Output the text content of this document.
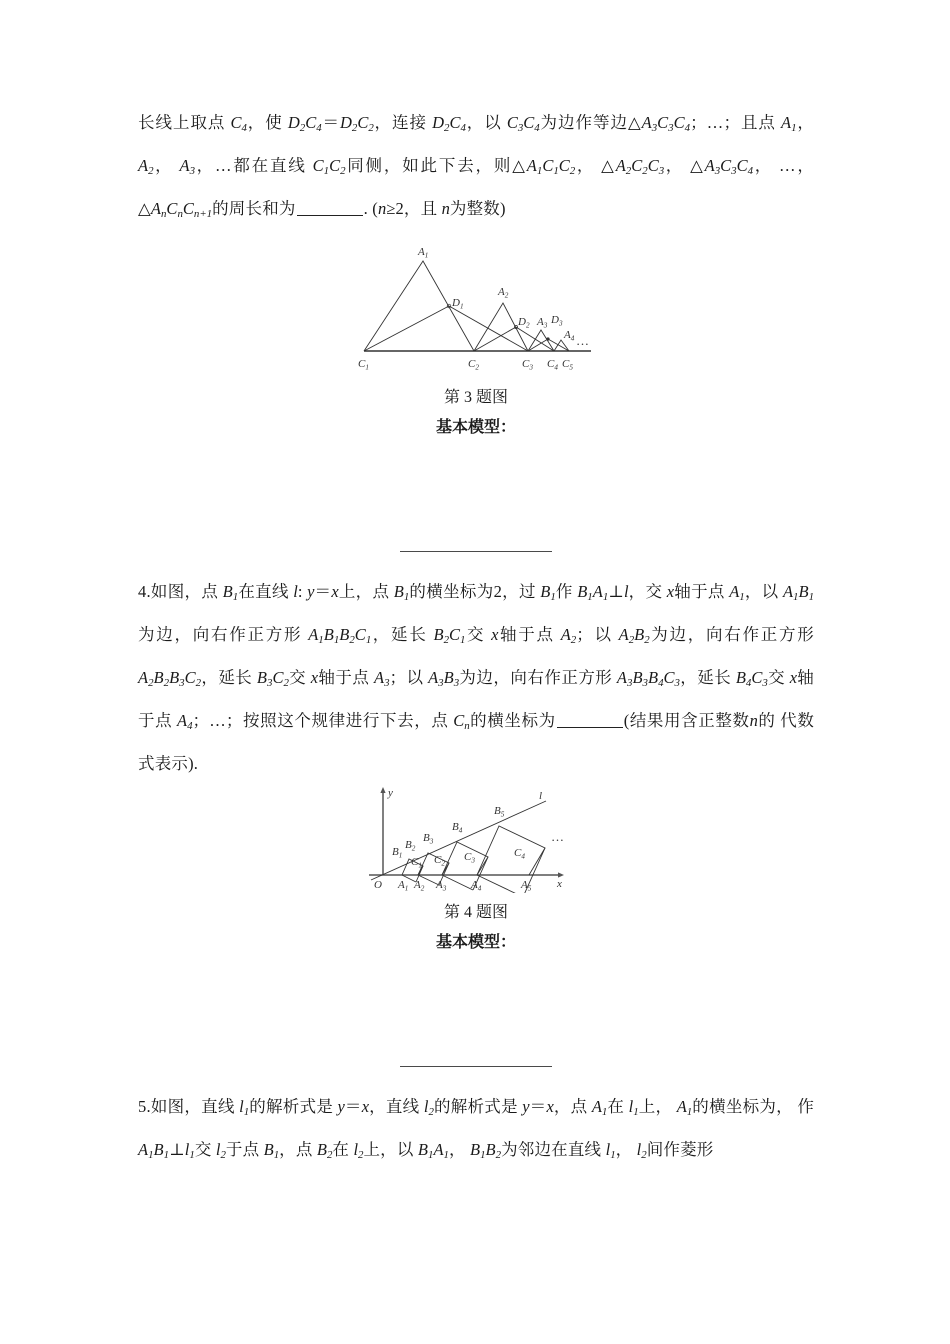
长线上取点 $C_4$，使 $D_2C_4=D_2C_2$，连接 $D_2C_4$，以 $C_3C_4$为边作等边$\triangle A_3C_3C_4$；…；且点 $A_1$， $A_2$， $A_3$，…都在直线 $C_1C_2$同侧，如此下去，则$\triangle A_1C_1C_2$， $\triangle A_2C_2C_3$， $\triangle A_3C_3C_4$， …，$\triangle A_nC_nC_{n+1}$的周长和为	. (n≥2，且 n为整数)

…
$A_1$
$D_1$
$A_2$
$D_2$ $A_3$ $D_3$
$A_4$
$C_1$	$C_2$	$C_3$ $C_4$ $C_5$
第 3 题图
基本模型：

4.如图，点 $B_1$在直线 l: y＝x上，点 $B_1$的横坐标为2，过 $B_1$作 $B_1A_1\perp l$，交 x轴于点 $A_1$，以 $A_1B_1$为边，向右作正方形 $A_1B_1B_2C_1$，延长 $B_2C_1$交 x轴于点 $A_2$；以 $A_2B_2$为边，向右作正方形 $A_2B_2B_3C_2$，延长 $B_3C_2$交 x轴于点 $A_3$；以 $A_3B_3$为边，向右作正方形 $A_3B_3B_4C_3$，延长 $B_4C_3$交 x轴于点 $A_4$；…；按照这个规律进行下去，点 $C_n$的横坐标为	(结果用含正整数n的 代数式表示).

…
y
x
O
l
$B_1$
$B_2$
$B_3$
$B_4$
$B_5$
$C_1$ $C_2$
$C_3$
$C_4$
$A_1$ $A_2$ $A_3$ $A_4$	$A_5$
第 4 题图
基本模型：

5.如图，直线 $l_1$的解析式是 y＝x，直线 $l_2$的解析式是 y＝x，点 $A_1$在 $l_1$上， $A_1$的横坐标为， 作 $A_1B_1\perp l_1$交 $l_2$于点 $B_1$，点 $B_2$在 $l_2$上，以 $B_1A_1$， $B_1B_2$为邻边在直线 $l_1$， $l_2$间作菱形
